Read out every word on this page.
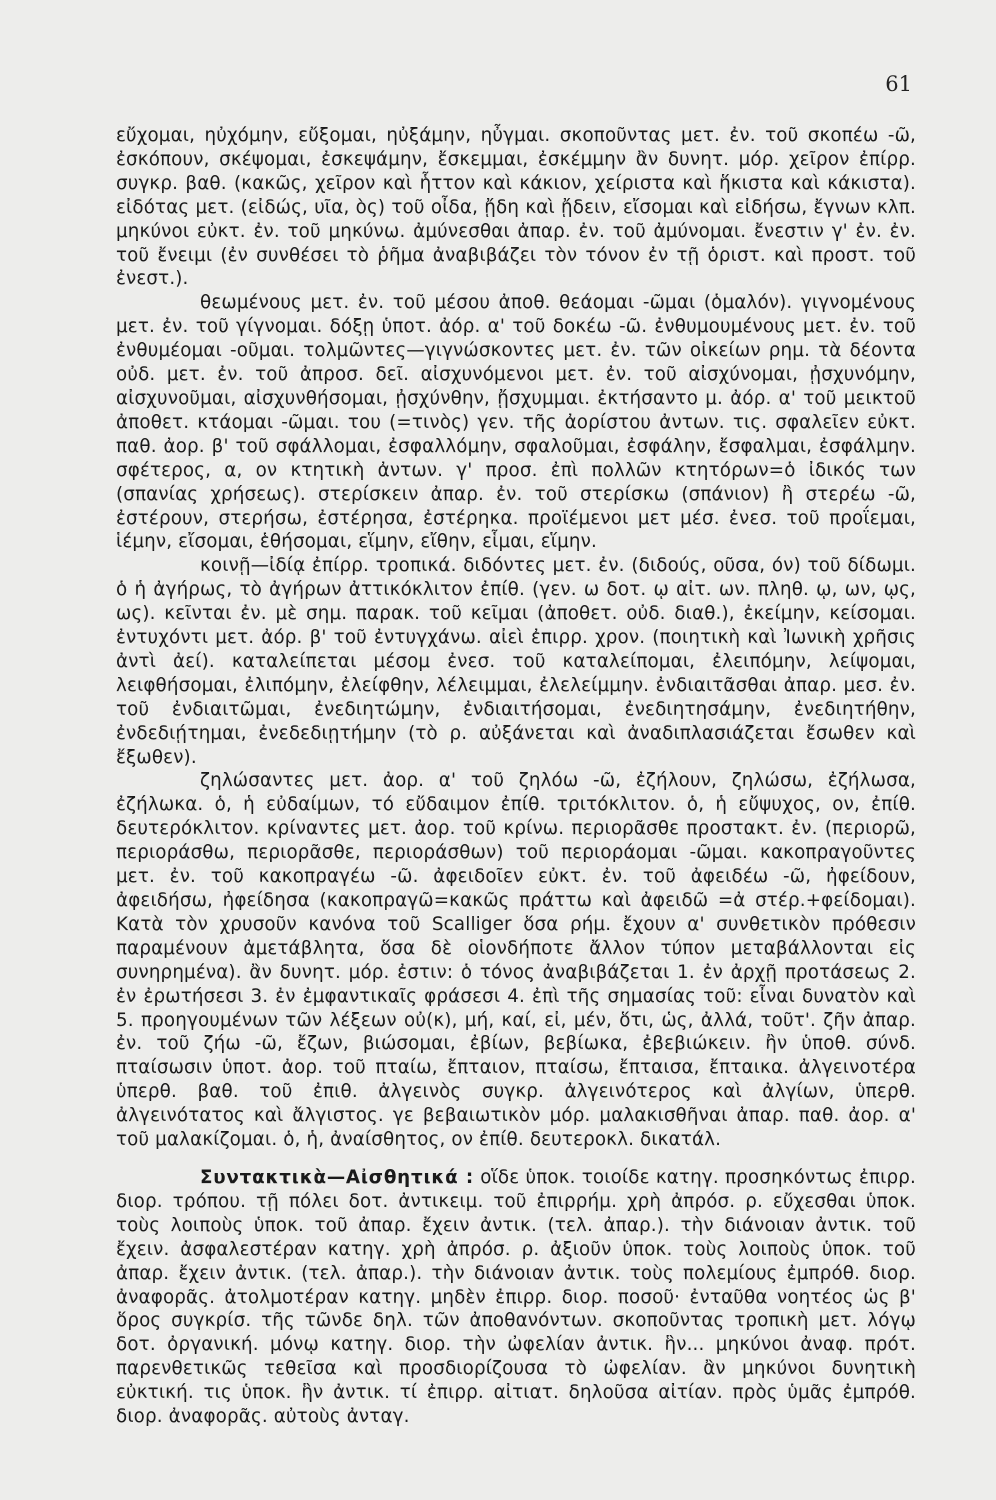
61

εὔχομαι, ηὐχόμην, εὔξομαι, ηὐξάμην, ηὖγμαι. σκοποῦντας μετ. ἐν. τοῦ σκοπέω -ῶ, ἐσκόπουν, σκέψομαι, ἐσκεψάμην, ἔσκεμμαι, ἐσκέμμην ἂν δυνητ. μόρ. χεῖρον ἐπίρρ. συγκρ. βαθ. (κακῶς, χεῖρον καὶ ἧττον καὶ κάκιον, χείριστα καὶ ἥκιστα καὶ κάκιστα). εἰδότας μετ. (εἰδώς, υῖα, ὸς) τοῦ οἶδα, ᾔδη καὶ ᾔδειν, εἴσομαι καὶ εἰδήσω, ἔγνων κλπ. μηκύνοι εὐκτ. ἐν. τοῦ μηκύνω. ἀμύνεσθαι ἀπαρ. ἐν. τοῦ ἀμύνομαι. ἔνεστιν γ' ἐν. ἐν. τοῦ ἔνειμι (ἐν συνθέσει τὸ ῥῆμα ἀναβιβάζει τὸν τόνον ἐν τῇ ὁριστ. καὶ προστ. τοῦ ἐνεστ.).

θεωμένους μετ. ἐν. τοῦ μέσου ἀποθ. θεάομαι -ῶμαι (ὁμαλόν). γιγνομένους μετ. ἐν. τοῦ γίγνομαι. δόξῃ ὑποτ. ἀόρ. α' τοῦ δοκέω -ῶ. ἐνθυμουμένους μετ. ἐν. τοῦ ἐνθυμέομαι -οῦμαι. τολμῶντες—γιγνώσκοντες μετ. ἐν. τῶν οἰκείων ρημ. τὰ δέοντα οὐδ. μετ. ἐν. τοῦ ἀπροσ. δεῖ. αἰσχυνόμενοι μετ. ἐν. τοῦ αἰσχύνομαι, ᾐσχυνόμην, αἰσχυνοῦμαι, αἰσχυνθήσομαι, ᾐσχύνθην, ᾔσχυμμαι. ἐκτήσαντο μ. ἀόρ. α' τοῦ μεικτοῦ ἀποθετ. κτάομαι -ῶμαι. του (=τινὸς) γεν. τῆς ἀορίστου ἀντων. τις. σφαλεῖεν εὐκτ. παθ. ἀορ. β' τοῦ σφάλλομαι, ἐσφαλλόμην, σφαλοῦμαι, ἐσφάλην, ἔσφαλμαι, ἐσφάλμην. σφέτερος, α, ον κτητικὴ ἀντων. γ' προσ. ἐπὶ πολλῶν κτητόρων=ὁ ἰδικός των (σπανίας χρήσεως). στερίσκειν ἀπαρ. ἐν. τοῦ στερίσκω (σπάνιον) ἢ στερέω -ῶ, ἐστέρουν, στερήσω, ἐστέρησα, ἐστέρηκα. προϊέμενοι μετ μέσ. ἐνεσ. τοῦ προΐεμαι, ἱέμην, εἴσομαι, ἑθήσομαι, εἵμην, εἴθην, εἷμαι, εἵμην.

κοινῇ—ἰδίᾳ ἐπίρρ. τροπικά. διδόντες μετ. ἐν. (διδούς, οῦσα, όν) τοῦ δίδωμι. ὁ ἡ ἀγήρως, τὸ ἀγήρων ἀττικόκλιτον ἐπίθ. (γεν. ω δοτ. ῳ αἰτ. ων. πληθ. ῳ, ων, ῳς, ως). κεῖνται ἐν. μὲ σημ. παρακ. τοῦ κεῖμαι (ἀποθετ. οὐδ. διαθ.), ἐκείμην, κείσομαι. ἐντυχόντι μετ. ἀόρ. β' τοῦ ἐντυγχάνω. αἰεὶ ἐπιρρ. χρον. (ποιητικὴ καὶ Ἰωνικὴ χρῆσις ἀντὶ ἀεί). καταλείπεται μέσομ ἐνεσ. τοῦ καταλείπομαι, ἐλειπόμην, λείψομαι, λειφθήσομαι, ἐλιπόμην, ἐλείφθην, λέλειμμαι, ἐλελείμμην. ἐνδιαιτᾶσθαι ἀπαρ. μεσ. ἐν. τοῦ ἐνδιαιτῶμαι, ἐνεδιητώμην, ἐνδιαιτήσομαι, ἐνεδιητησάμην, ἐνεδιητήθην, ἐνδεδιῄτημαι, ἐνεδεδιῃτήμην (τὸ ρ. αὐξάνεται καὶ ἀναδιπλασιάζεται ἔσωθεν καὶ ἔξωθεν).

ζηλώσαντες μετ. ἀορ. α' τοῦ ζηλόω -ῶ, ἐζήλουν, ζηλώσω, ἐζήλωσα, ἐζήλωκα. ὁ, ἡ εὐδαίμων, τό εὔδαιμον ἐπίθ. τριτόκλιτον. ὁ, ἡ εὔψυχος, ον, ἐπίθ. δευτερόκλιτον. κρίναντες μετ. ἀορ. τοῦ κρίνω. περιορᾶσθε προστακτ. ἐν. (περιορῶ, περιοράσθω, περιορᾶσθε, περιοράσθων) τοῦ περιοράομαι -ῶμαι. κακοπραγοῦντες μετ. ἐν. τοῦ κακοπραγέω -ῶ. ἀφειδοῖεν εὐκτ. ἐν. τοῦ ἀφειδέω -ῶ, ἠφείδουν, ἀφειδήσω, ἠφείδησα (κακοπραγῶ=κακῶς πράττω καὶ ἀφειδῶ =ἀ στέρ.+φείδομαι). Κατὰ τὸν χρυσοῦν κανόνα τοῦ Scalliger ὅσα ρήμ. ἔχουν α' συνθετικὸν πρόθεσιν παραμένουν ἀμετάβλητα, ὅσα δὲ οἱονδήποτε ἄλλον τύπον μεταβάλλονται εἰς συνηρημένα). ἂν δυνητ. μόρ. ἐστιν: ὁ τόνος ἀναβιβάζεται 1. ἐν ἀρχῇ προτάσεως 2. ἐν ἐρωτήσεσι 3. ἐν ἐμφαντικαῖς φράσεσι 4. ἐπὶ τῆς σημασίας τοῦ: εἶναι δυνατὸν καὶ 5. προηγουμένων τῶν λέξεων οὐ(κ), μή, καί, εἰ, μέν, ὅτι, ὡς, ἀλλά, τοῦτ'. ζῆν ἀπαρ. ἐν. τοῦ ζήω -ῶ, ἔζων, βιώσομαι, ἐβίων, βεβίωκα, ἐβεβιώκειν. ἢν ὑποθ. σύνδ. πταίσωσιν ὑποτ. ἀορ. τοῦ πταίω, ἔπταιον, πταίσω, ἔπταισα, ἔπταικα. ἀλγεινοτέρα ὑπερθ. βαθ. τοῦ ἐπιθ. ἀλγεινὸς συγκρ. ἀλγεινότερος καὶ ἀλγίων, ὑπερθ. ἀλγεινότατος καὶ ἄλγιστος. γε βεβαιωτικὸν μόρ. μαλακισθῆναι ἀπαρ. παθ. ἀορ. α' τοῦ μαλακίζομαι. ὁ, ἡ, ἀναίσθητος, ον ἐπίθ. δευτεροκλ. δικατάλ.

Συντακτικὰ—Αἰσθητικά : οἵδε ὑποκ. τοιοίδε κατηγ. προσηκόντως ἐπιρρ. διορ. τρόπου. τῇ πόλει δοτ. ἀντικειμ. τοῦ ἐπιρρήμ. χρὴ ἀπρόσ. ρ. εὔχεσθαι ὑποκ. τοὺς λοιποὺς ὑποκ. τοῦ ἀπαρ. ἔχειν ἀντικ. (τελ. ἀπαρ.). τὴν διάνοιαν ἀντικ. τοῦ ἔχειν. ἀσφαλεστέραν κατηγ. χρὴ ἀπρόσ. ρ. ἀξιοῦν ὑποκ. τοὺς λοιποὺς ὑποκ. τοῦ ἀπαρ. ἔχειν ἀντικ. (τελ. ἀπαρ.). τὴν διάνοιαν ἀντικ. τοὺς πολεμίους ἐμπρόθ. διορ. ἀναφορᾶς. ἀτολμοτέραν κατηγ. μηδὲν ἐπιρρ. διορ. ποσοῦ· ἐνταῦθα νοητέος ὡς β' ὅρος συγκρίσ. τῆς τῶνδε δηλ. τῶν ἀποθανόντων. σκοποῦντας τροπικὴ μετ. λόγῳ δοτ. ὀργανική. μόνῳ κατηγ. διορ. τὴν ὠφελίαν ἀντικ. ἣν... μηκύνοι ἀναφ. πρότ. παρενθετικῶς τεθεῖσα καὶ προσδιορίζουσα τὸ ὠφελίαν. ἂν μηκύνοι δυνητικὴ εὐκτική. τις ὑποκ. ἣν ἀντικ. τί ἐπιρρ. αἰτιατ. δηλοῦσα αἰτίαν. πρὸς ὑμᾶς ἐμπρόθ. διορ. ἀναφορᾶς. αὐτοὺς ἀνταγ.
